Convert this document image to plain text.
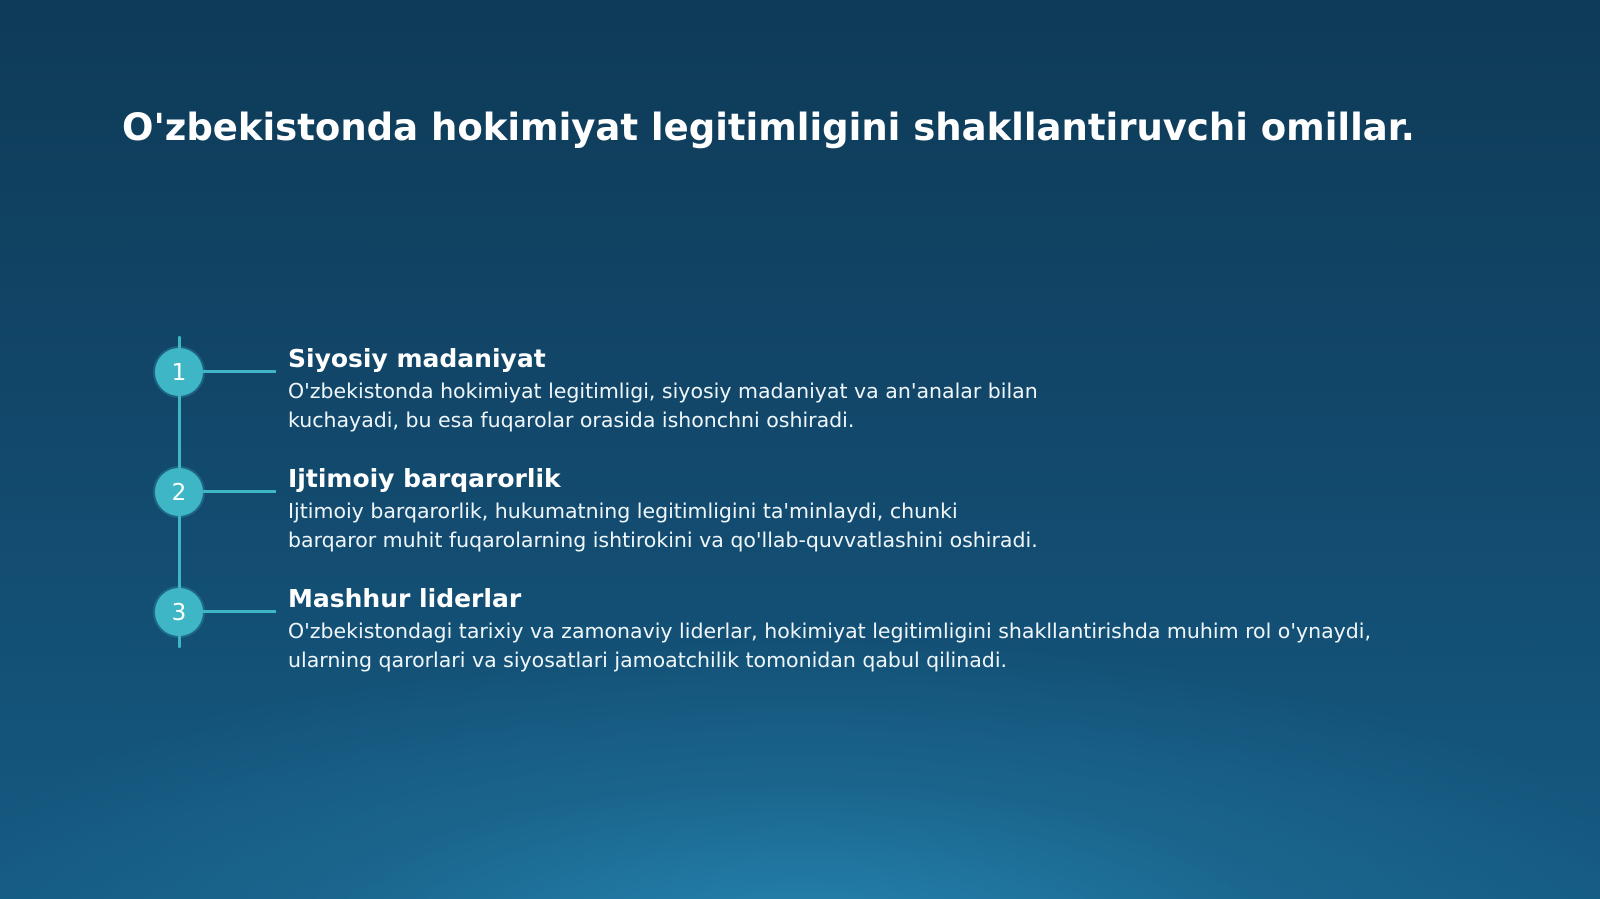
O'zbekistonda hokimiyat legitimligini shakllantiruvchi omillar.
1	Siyosiy madaniyat

O'zbekistonda hokimiyat legitimligi, siyosiy madaniyat va an'analar bilan
kuchayadi, bu esa fuqarolar orasida ishonchni oshiradi.

2	Ijtimoiy barqarorlik

Ijtimoiy barqarorlik, hukumatning legitimligini ta'minlaydi, chunki
barqaror muhit fuqarolarning ishtirokini va qo'llab-quvvatlashini oshiradi.

3	Mashhur liderlar

O'zbekistondagi tarixiy va zamonaviy liderlar, hokimiyat legitimligini shakllantirishda muhim rol o'ynaydi,
ularning qarorlari va siyosatlari jamoatchilik tomonidan qabul qilinadi.
